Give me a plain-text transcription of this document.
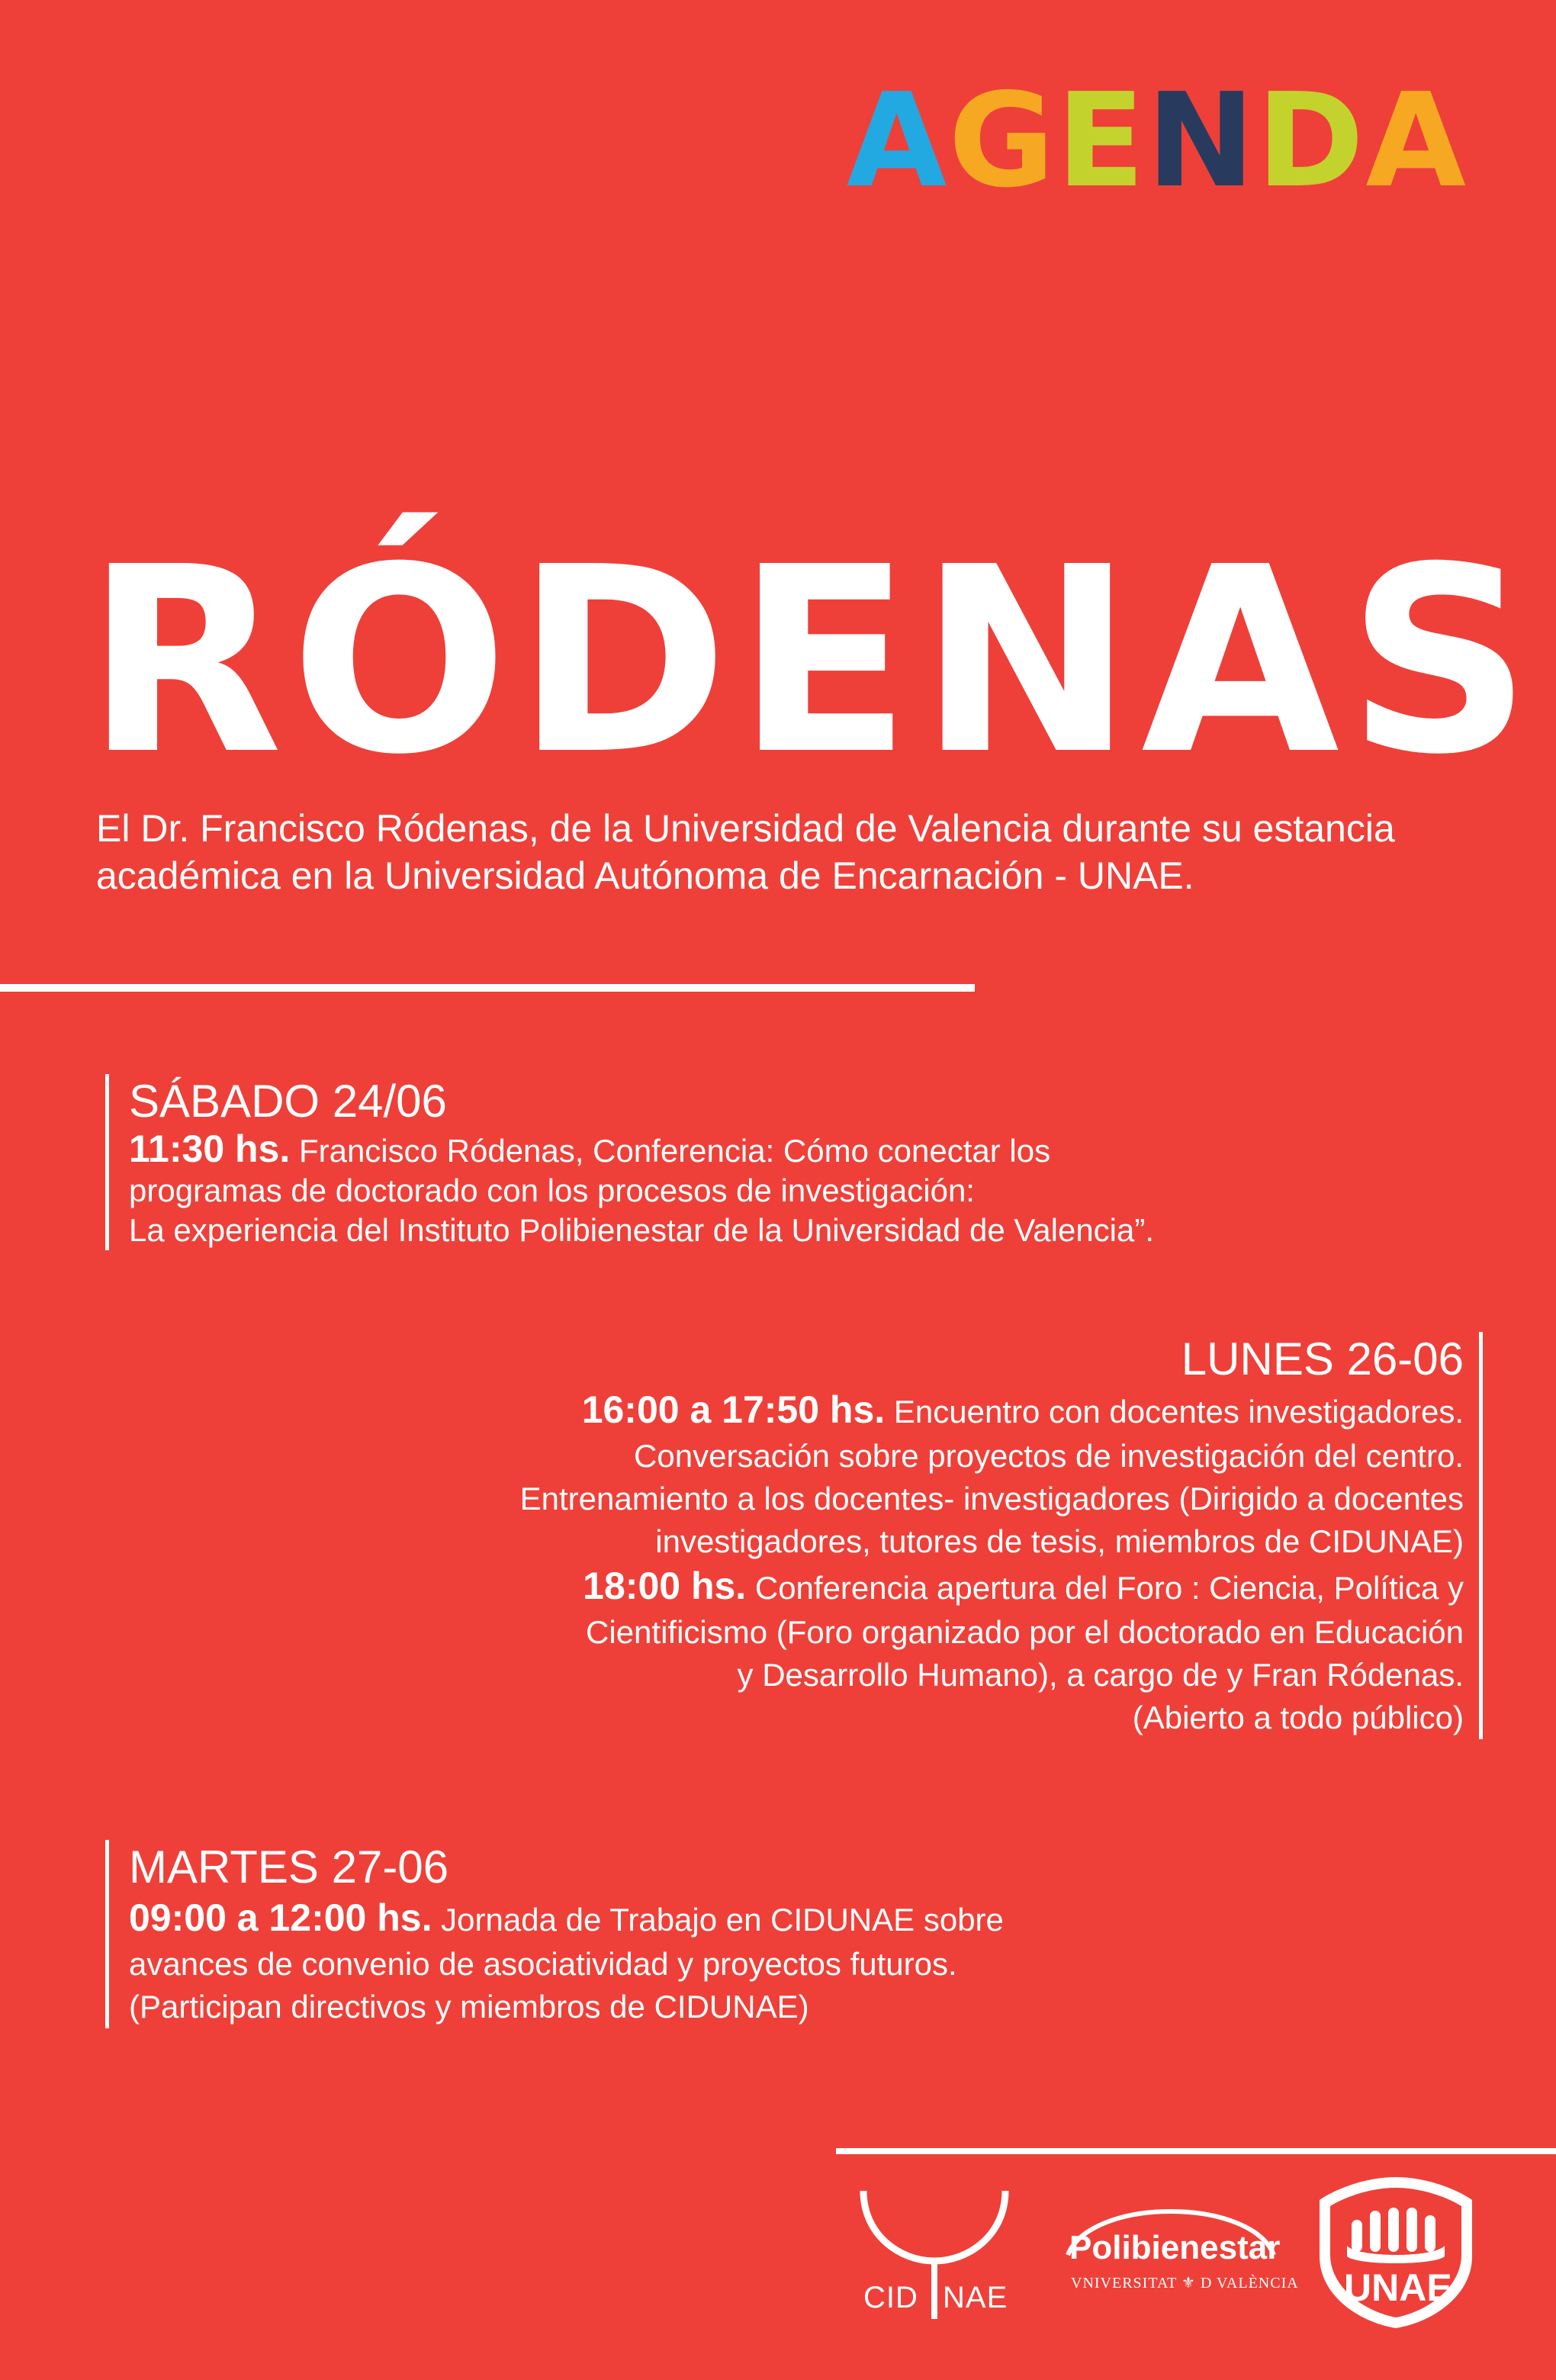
A G E N D A
RÓDENAS
El Dr. Francisco Ródenas, de la Universidad de Valencia durante su estancia
académica en la Universidad Autónoma de Encarnación - UNAE.
SÁBADO 24/06
11:30 hs. Francisco Ródenas, Conferencia: Cómo conectar los
programas de doctorado con los procesos de investigación:
La experiencia del Instituto Polibienestar de la Universidad de Valencia”.
LUNES 26-06
16:00 a 17:50 hs. Encuentro con docentes investigadores.
Conversación sobre proyectos de investigación del centro.
Entrenamiento a los docentes- investigadores (Dirigido a docentes
investigadores, tutores de tesis, miembros de CIDUNAE)
18:00 hs. Conferencia apertura del Foro : Ciencia, Política y
Cientificismo (Foro organizado por el doctorado en Educación
y Desarrollo Humano), a cargo de y Fran Ródenas.
(Abierto a todo público)
MARTES 27-06
09:00 a 12:00 hs. Jornada de Trabajo en CIDUNAE sobre
avances de convenio de asociatividad y proyectos futuros.
(Participan directivos y miembros de CIDUNAE)
CID NAE
Polibienestar
VNIVERSITAT ⚜ D VALÈNCIA UNAE
